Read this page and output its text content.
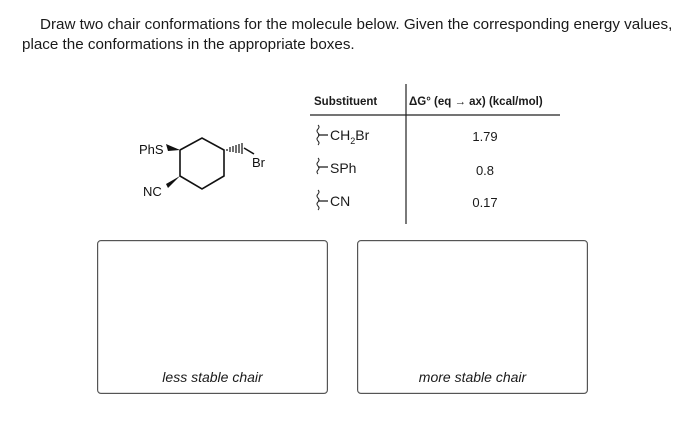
Draw two chair conformations for the molecule below. Given the corresponding energy values, place the conformations in the appropriate boxes.
PhS
NC
Br
Substituent	ΔG° (eq → ax) (kcal/mol)
$CH_2Br$
SPh
CN
1.79
0.8
0.17
less stable chair	more stable chair
